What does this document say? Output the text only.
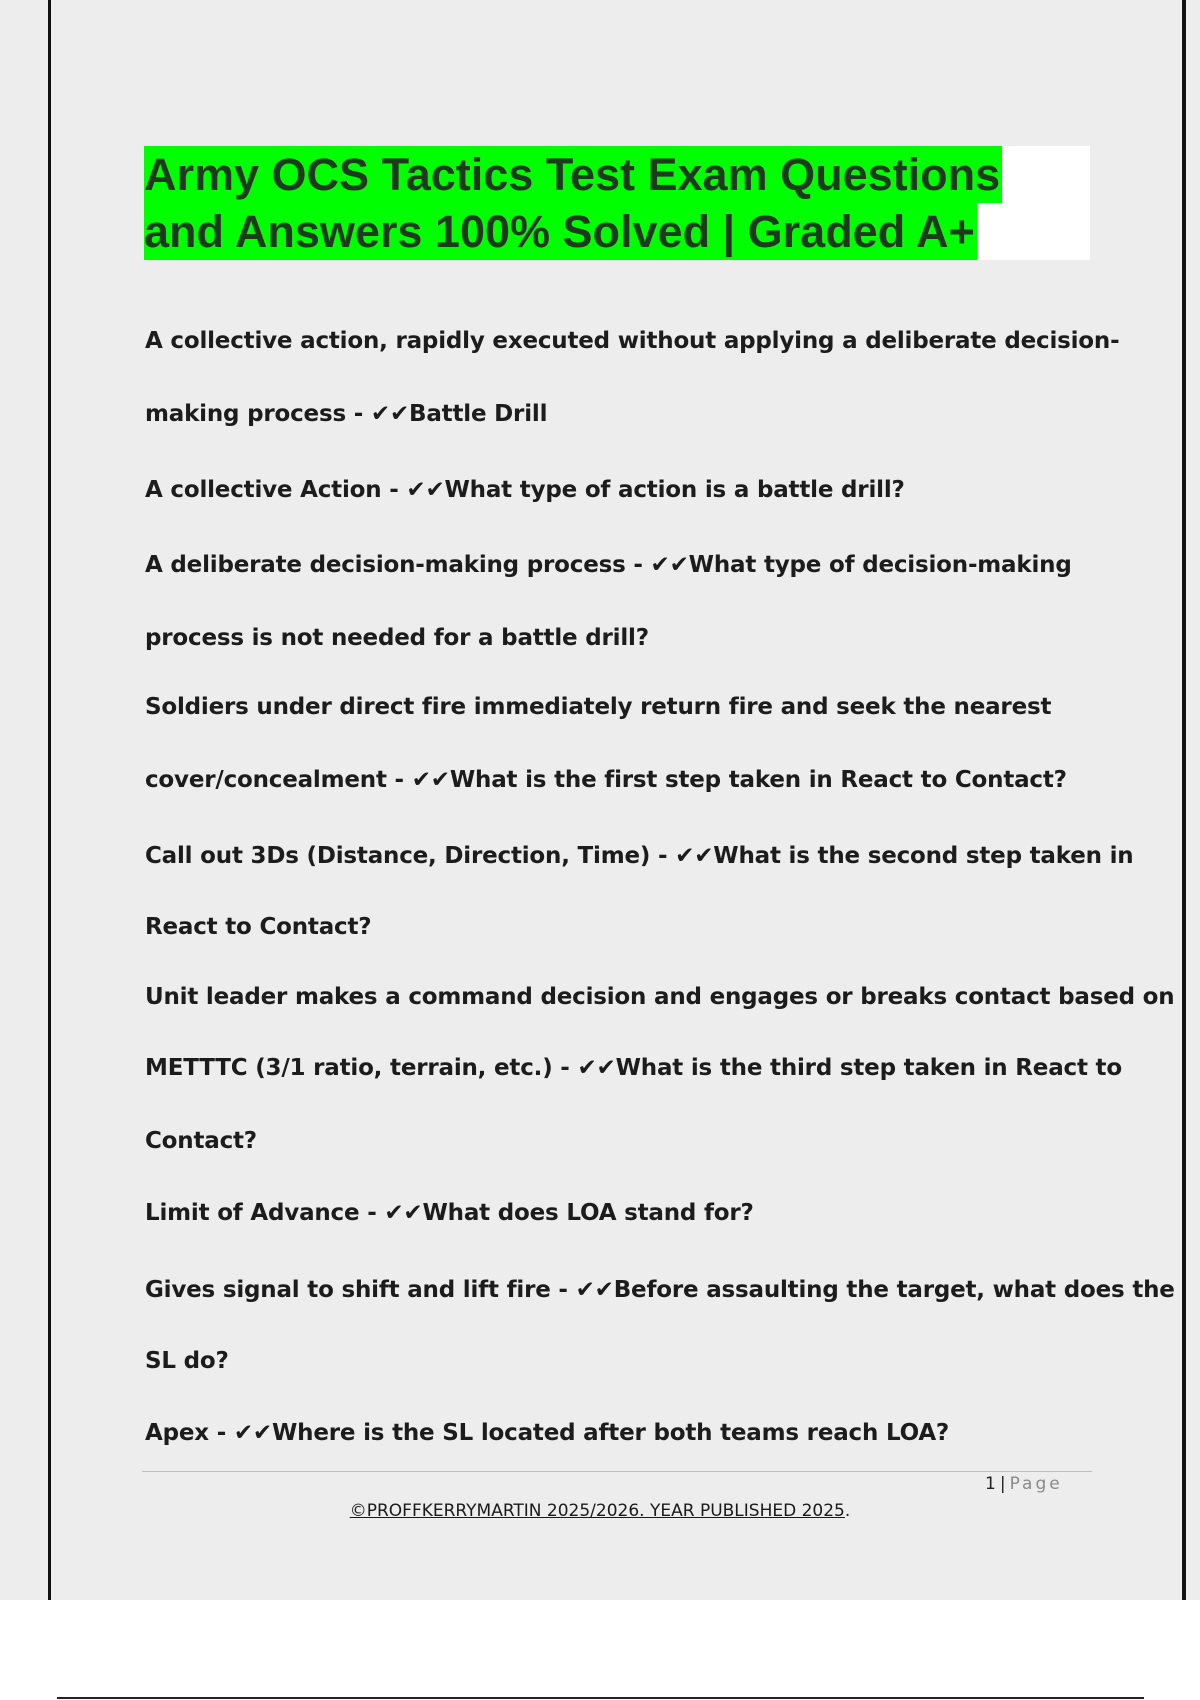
Army OCS Tactics Test Exam Questions
and Answers 100% Solved | Graded A+
A collective action, rapidly executed without applying a deliberate decision-
making process - ✔✔Battle Drill
A collective Action - ✔✔What type of action is a battle drill?
A deliberate decision-making process - ✔✔What type of decision-making
process is not needed for a battle drill?
Soldiers under direct fire immediately return fire and seek the nearest
cover/concealment - ✔✔What is the first step taken in React to Contact?
Call out 3Ds (Distance, Direction, Time) - ✔✔What is the second step taken in
React to Contact?
Unit leader makes a command decision and engages or breaks contact based on
METTTC (3/1 ratio, terrain, etc.) - ✔✔What is the third step taken in React to
Contact?
Limit of Advance - ✔✔What does LOA stand for?
Gives signal to shift and lift fire - ✔✔Before assaulting the target, what does the
SL do?
Apex - ✔✔Where is the SL located after both teams reach LOA?
1 | Page
©PROFFKERRYMARTIN 2025/2026. YEAR PUBLISHED 2025.
